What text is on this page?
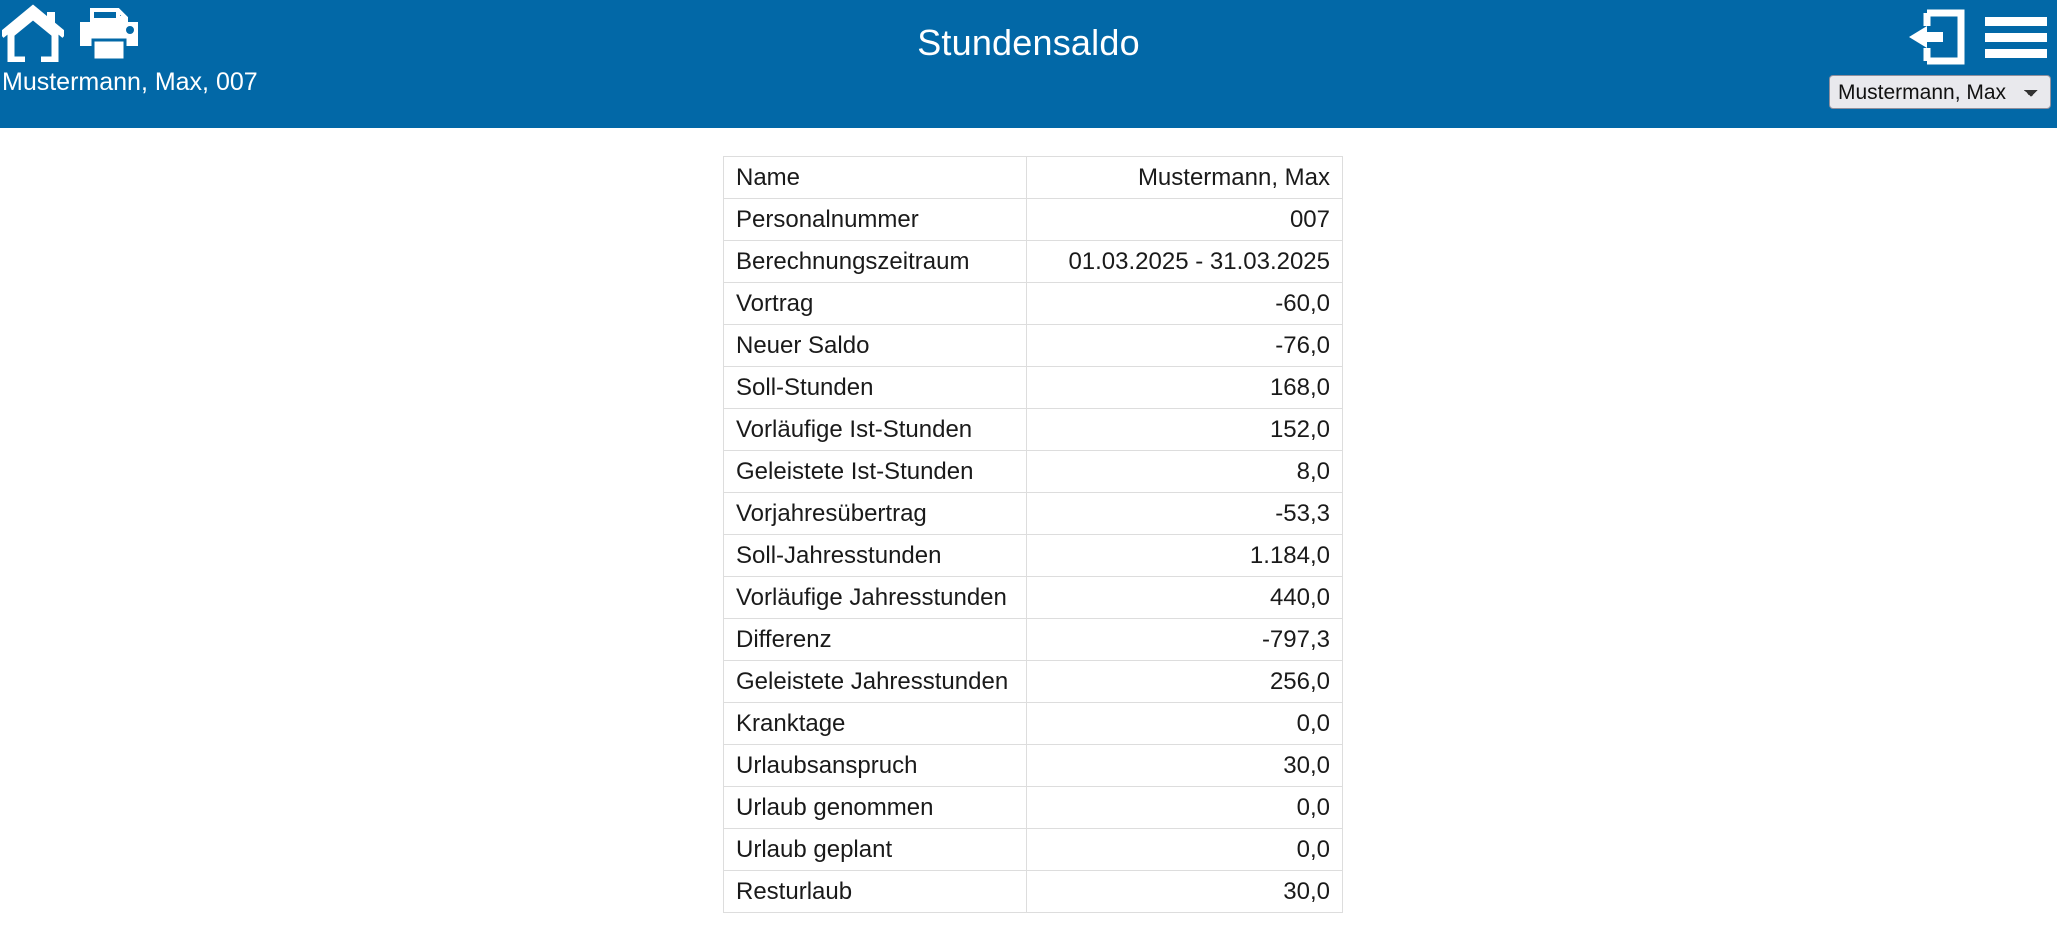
Mustermann, Max, 007
Stundensaldo
Mustermann, Max
Name	Mustermann, Max
Personalnummer	007
Berechnungszeitraum	01.03.2025 - 31.03.2025
Vortrag	-60,0
Neuer Saldo	-76,0
Soll-Stunden	168,0
Vorläufige Ist-Stunden	152,0
Geleistete Ist-Stunden	8,0
Vorjahresübertrag	-53,3
Soll-Jahresstunden	1.184,0
Vorläufige Jahresstunden	440,0
Differenz	-797,3
Geleistete Jahresstunden	256,0
Kranktage	0,0
Urlaubsanspruch	30,0
Urlaub genommen	0,0
Urlaub geplant	0,0
Resturlaub	30,0
